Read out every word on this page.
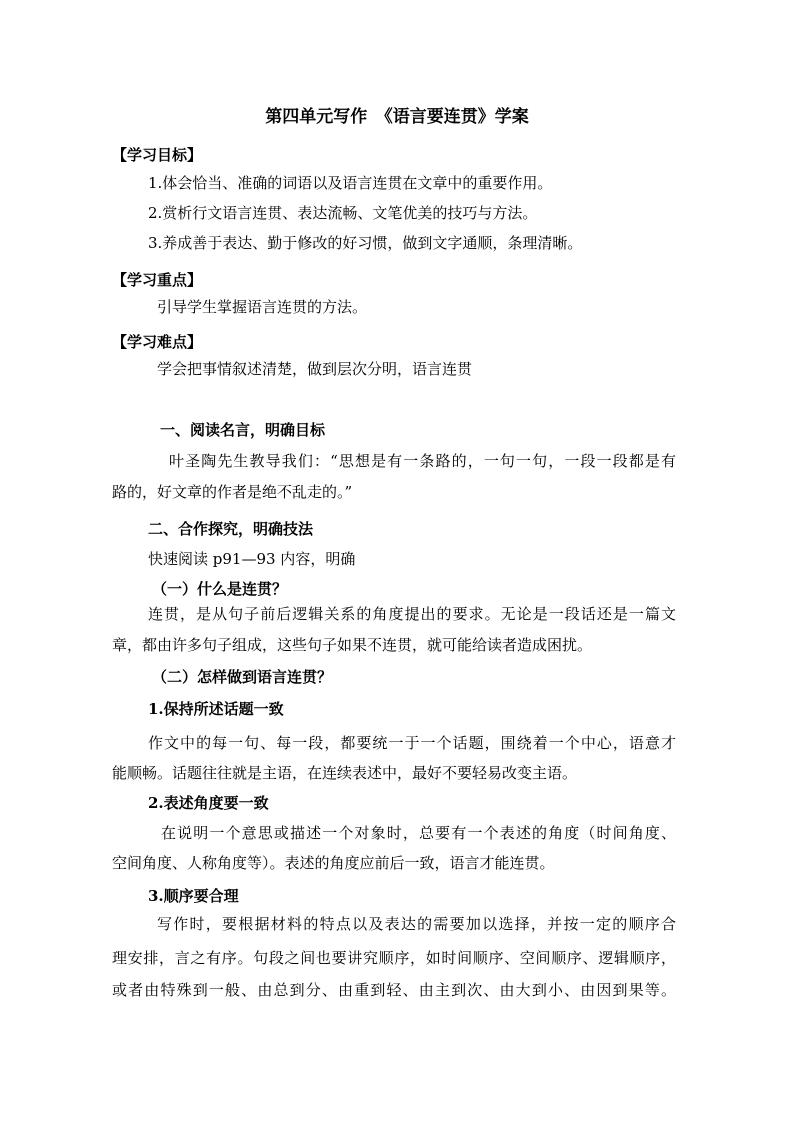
第四单元写作　《语言要连贯》学案
【学习目标】
1.体会恰当、准确的词语以及语言连贯在文章中的重要作用。
2.赏析行文语言连贯、表达流畅、文笔优美的技巧与方法。
3.养成善于表达、勤于修改的好习惯，做到文字通顺，条理清晰。
【学习重点】
引导学生掌握语言连贯的方法。
【学习难点】
学会把事情叙述清楚，做到层次分明，语言连贯
一、阅读名言，明确目标
叶圣陶先生教导我们：“思想是有一条路的，一句一句，一段一段都是有
路的，好文章的作者是绝不乱走的。”
二、合作探究，明确技法
快速阅读 p91—93 内容，明确
（一）什么是连贯？
连贯，是从句子前后逻辑关系的角度提出的要求。无论是一段话还是一篇文
章，都由许多句子组成，这些句子如果不连贯，就可能给读者造成困扰。
（二）怎样做到语言连贯？
1.保持所述话题一致
作文中的每一句、每一段，都要统一于一个话题，围绕着一个中心，语意才
能顺畅。话题往往就是主语，在连续表述中，最好不要轻易改变主语。
2.表述角度要一致
在说明一个意思或描述一个对象时，总要有一个表述的角度（时间角度、
空间角度、人称角度等）。表述的角度应前后一致，语言才能连贯。
3.顺序要合理
写作时，要根据材料的特点以及表达的需要加以选择，并按一定的顺序合
理安排，言之有序。句段之间也要讲究顺序，如时间顺序、空间顺序、逻辑顺序，
或者由特殊到一般、由总到分、由重到轻、由主到次、由大到小、由因到果等。
